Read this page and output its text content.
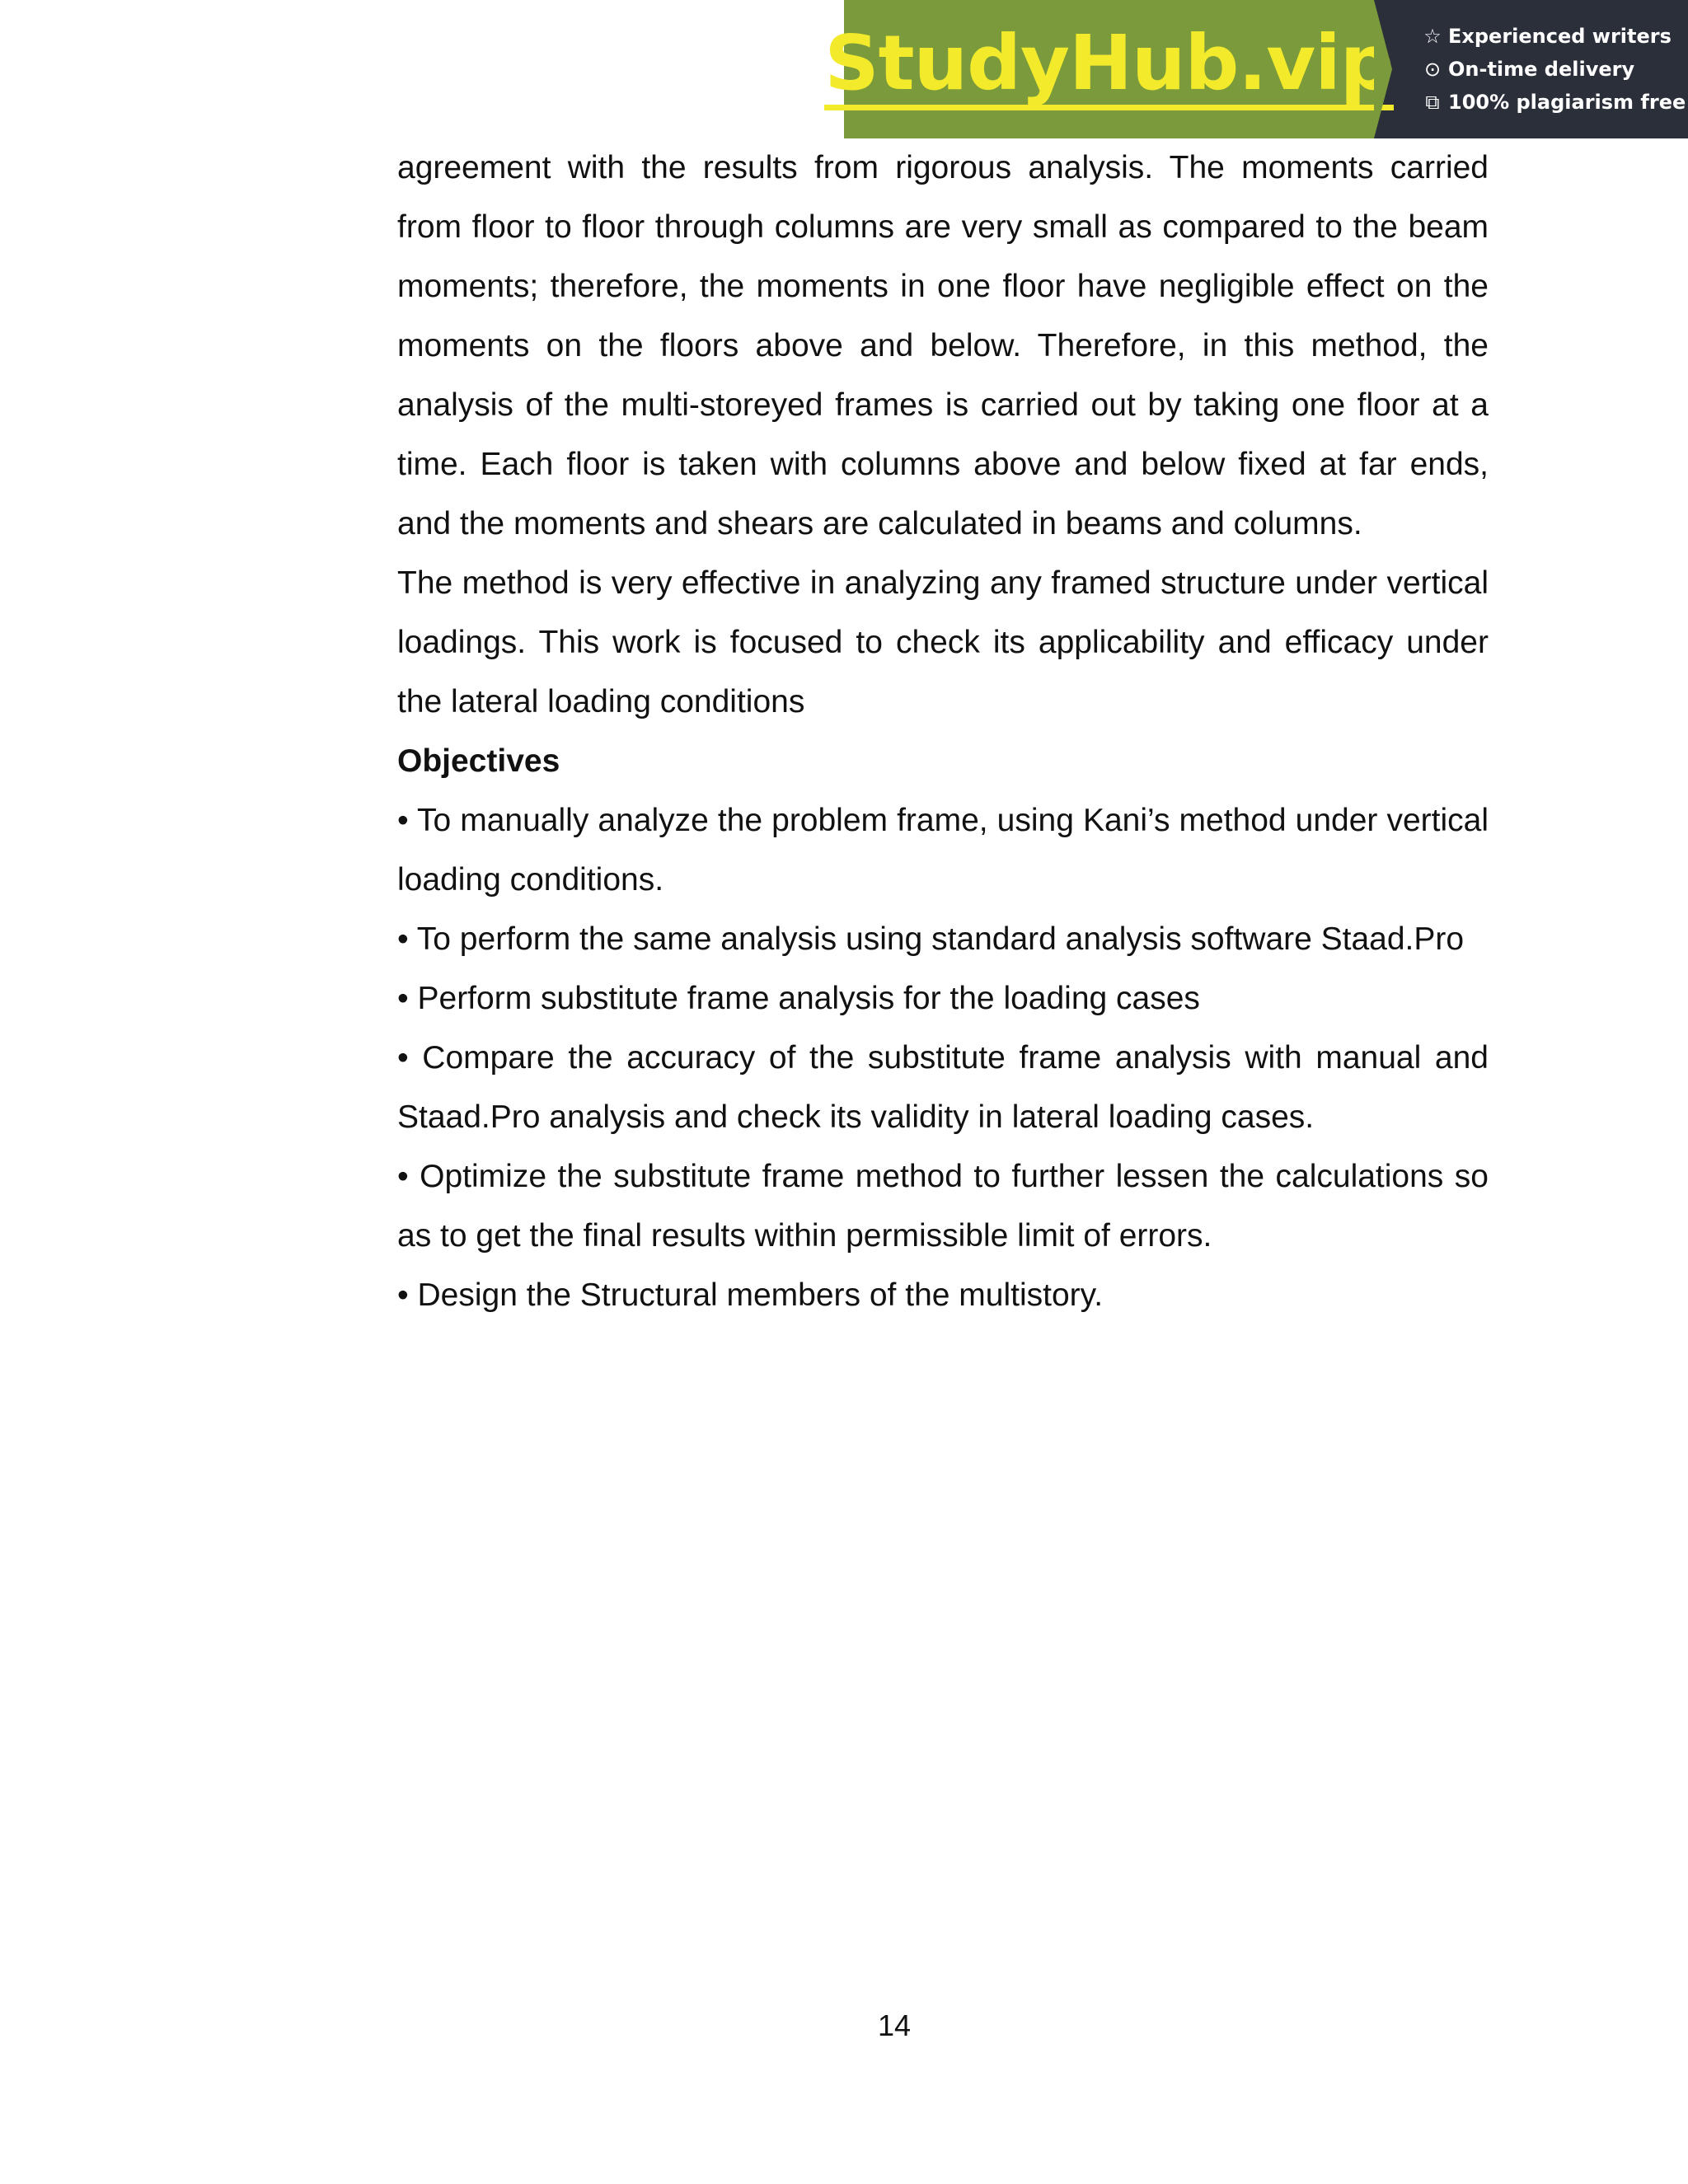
StudyHub.vip ☆ Experienced writers
⊙ On-time delivery
⧉ 100% plagiarism free

agreement with the results from rigorous analysis. The moments carried from floor to floor through columns are very small as compared to the beam moments; therefore, the moments in one floor have negligible effect on the moments on the floors above and below. Therefore, in this method, the analysis of the multi-storeyed frames is carried out by taking one floor at a time. Each floor is taken with columns above and below fixed at far ends, and the moments and shears are calculated in beams and columns.

The method is very effective in analyzing any framed structure under vertical loadings. This work is focused to check its applicability and efficacy under the lateral loading conditions

Objectives

• To manually analyze the problem frame, using Kani’s method under vertical loading conditions.

• To perform the same analysis using standard analysis software Staad.Pro

• Perform substitute frame analysis for the loading cases

• Compare the accuracy of the substitute frame analysis with manual and Staad.Pro analysis and check its validity in lateral loading cases.

• Optimize the substitute frame method to further lessen the calculations so as to get the final results within permissible limit of errors.

• Design the Structural members of the multistory.

14
